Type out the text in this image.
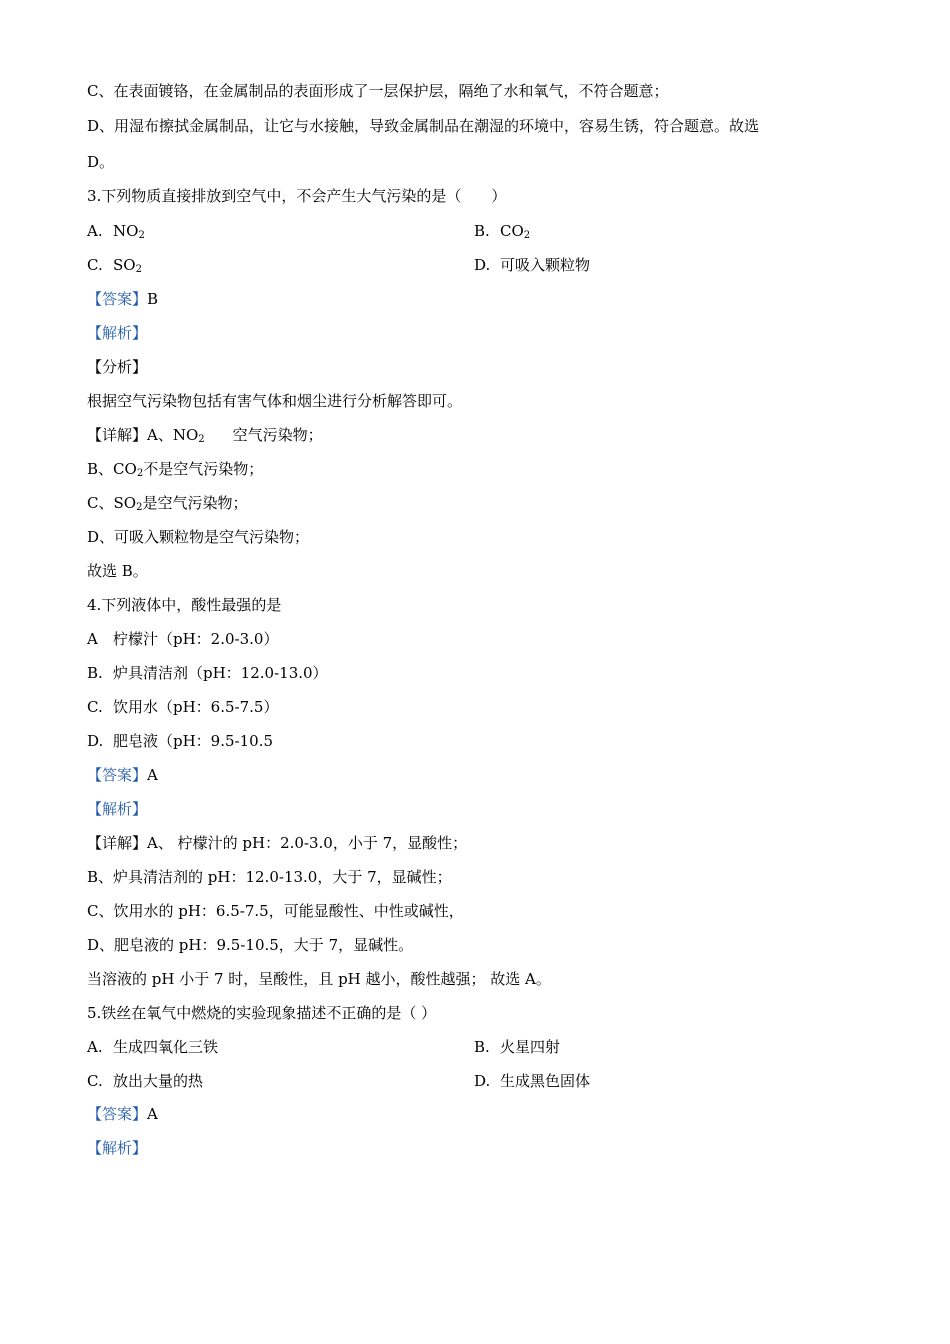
C、在表面镀铬，在金属制品的表面形成了一层保护层，隔绝了水和氧气，不符合题意；
D、用湿布擦拭金属制品，让它与水接触，导致金属制品在潮湿的环境中，容易生锈，符合题意。故选
D。
3.下列物质直接排放到空气中，不会产生大气污染的是（　　）
A. $NO_2$	B. $CO_2$
C. $SO_2$	D. 可吸入颗粒物
【答案】B
【解析】
【分析】
根据空气污染物包括有害气体和烟尘进行分析解答即可。
【详解】A、$NO_2$ 空气污染物；
B、$CO_2$不是空气污染物；
C、$SO_2$是空气污染物；
D、可吸入颗粒物是空气污染物；
故选 B。
4.下列液体中，酸性最强的是
A 柠檬汁（pH：2.0-3.0）
B. 炉具清洁剂（pH：12.0-13.0）
C. 饮用水（pH：6.5-7.5）
D. 肥皂液（pH：9.5-10.5
【答案】A
【解析】
【详解】A、 柠檬汁的 pH：2.0-3.0，小于 7，显酸性；
B、炉具清洁剂的 pH：12.0-13.0，大于 7，显碱性；
C、饮用水的 pH：6.5-7.5，可能显酸性、中性或碱性，
D、肥皂液的 pH：9.5-10.5，大于 7，显碱性。
当溶液的 pH 小于 7 时，呈酸性，且 pH 越小，酸性越强； 故选 A。
5.铁丝在氧气中燃烧的实验现象描述不正确的是（ ）
A. 生成四氧化三铁	B. 火星四射
C. 放出大量的热	D. 生成黑色固体
【答案】A
【解析】
